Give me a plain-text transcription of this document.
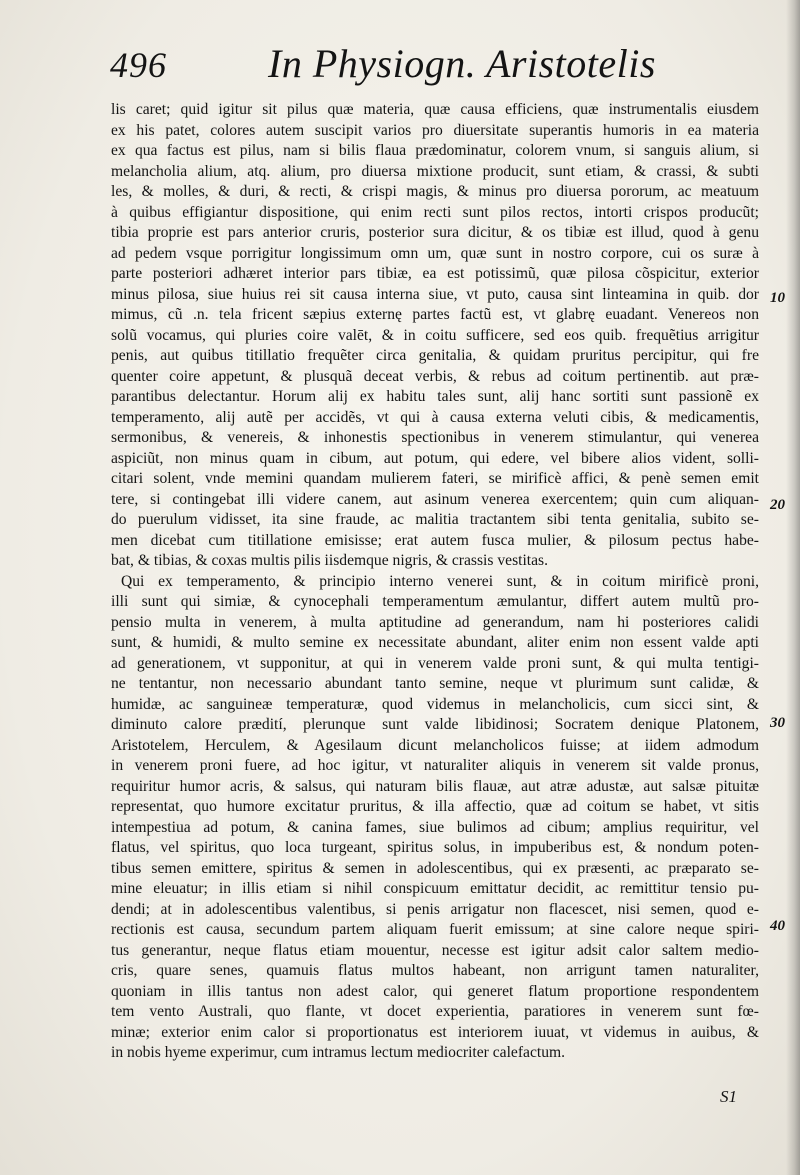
496	In Physiogn. Aristotelis
lis caret; quid igitur sit pilus quæ materia, quæ causa efficiens, quæ instrumentalis eiusdem
ex his patet, colores autem suscipit varios pro diuersitate superantis humoris in ea materia
ex qua factus est pilus, nam si bilis flaua prædominatur, colorem vnum, si sanguis alium, si
melancholia alium, atq. alium, pro diuersa mixtione producit, sunt etiam, & crassi, & subti
les, & molles, & duri, & recti, & crispi magis, & minus pro diuersa pororum, ac meatuum
à quibus effigiantur dispositione, qui enim recti sunt pilos rectos, intorti crispos producũt;
tibia proprie est pars anterior cruris, posterior sura dicitur, & os tibiæ est illud, quod à genu
ad pedem vsque porrigitur longissimum omn um, quæ sunt in nostro corpore, cui os suræ à
parte posteriori adhæret interior pars tibiæ, ea est potissimũ, quæ pilosa cõspicitur, exterior
minus pilosa, siue huius rei sit causa interna siue, vt puto, causa sint linteamina in quib. dor
mimus, cũ .n. tela fricent sæpius externę partes factũ est, vt glabrę euadant. Venereos non
solũ vocamus, qui pluries coire valēt, & in coitu sufficere, sed eos quib. frequẽtius arrigitur
penis, aut quibus titillatio frequẽter circa genitalia, & quidam pruritus percipitur, qui fre
quenter coire appetunt, & plusquã deceat verbis, & rebus ad coitum pertinentib. aut præ-
parantibus delectantur. Horum alij ex habitu tales sunt, alij hanc sortiti sunt passionẽ ex
temperamento, alij autẽ per accidẽs, vt qui à causa externa veluti cibis, & medicamentis,
sermonibus, & venereis, & inhonestis spectionibus in venerem stimulantur, qui venerea
aspiciũt, non minus quam in cibum, aut potum, qui edere, vel bibere alios vident, solli-
citari solent, vnde memini quandam mulierem fateri, se mirificè affici, & penè semen emit
tere, si contingebat illi videre canem, aut asinum venerea exercentem; quin cum aliquan-
do puerulum vidisset, ita sine fraude, ac malitia tractantem sibi tenta genitalia, subito se-
men dicebat cum titillatione emisisse; erat autem fusca mulier, & pilosum pectus habe-
bat, & tibias, & coxas multis pilis iisdemque nigris, & crassis vestitas.
Qui ex temperamento, & principio interno venerei sunt, & in coitum mirificè proni,
illi sunt qui simiæ, & cynocephali temperamentum æmulantur, differt autem multũ pro-
pensio multa in venerem, à multa aptitudine ad generandum, nam hi posteriores calidi
sunt, & humidi, & multo semine ex necessitate abundant, aliter enim non essent valde apti
ad generationem, vt supponitur, at qui in venerem valde proni sunt, & qui multa tentigi-
ne tentantur, non necessario abundant tanto semine, neque vt plurimum sunt calidæ, &
humidæ, ac sanguineæ temperaturæ, quod videmus in melancholicis, cum sicci sint, &
diminuto calore prædití, plerunque sunt valde libidinosi; Socratem denique Platonem,
Aristotelem, Herculem, & Agesilaum dicunt melancholicos fuisse; at iidem admodum
in venerem proni fuere, ad hoc igitur, vt naturaliter aliquis in venerem sit valde pronus,
requiritur humor acris, & salsus, qui naturam bilis flauæ, aut atræ adustæ, aut salsæ pituitæ
representat, quo humore excitatur pruritus, & illa affectio, quæ ad coitum se habet, vt sitis
intempestiua ad potum, & canina fames, siue bulimos ad cibum; amplius requiritur, vel
flatus, vel spiritus, quo loca turgeant, spiritus solus, in impuberibus est, & nondum poten-
tibus semen emittere, spiritus & semen in adolescentibus, qui ex præsenti, ac præparato se-
mine eleuatur; in illis etiam si nihil conspicuum emittatur decidit, ac remittitur tensio pu-
dendi; at in adolescentibus valentibus, si penis arrigatur non flacescet, nisi semen, quod e-
rectionis est causa, secundum partem aliquam fuerit emissum; at sine calore neque spiri-
tus generantur, neque flatus etiam mouentur, necesse est igitur adsit calor saltem medio-
cris, quare senes, quamuis flatus multos habeant, non arrigunt tamen naturaliter,
quoniam in illis tantus non adest calor, qui generet flatum proportione respondentem
tem vento Australi, quo flante, vt docet experientia, paratiores in venerem sunt fœ-
minæ; exterior enim calor si proportionatus est interiorem iuuat, vt videmus in auibus, &
in nobis hyeme experimur, cum intramus lectum mediocriter calefactum.
10
20
30
40
S1
